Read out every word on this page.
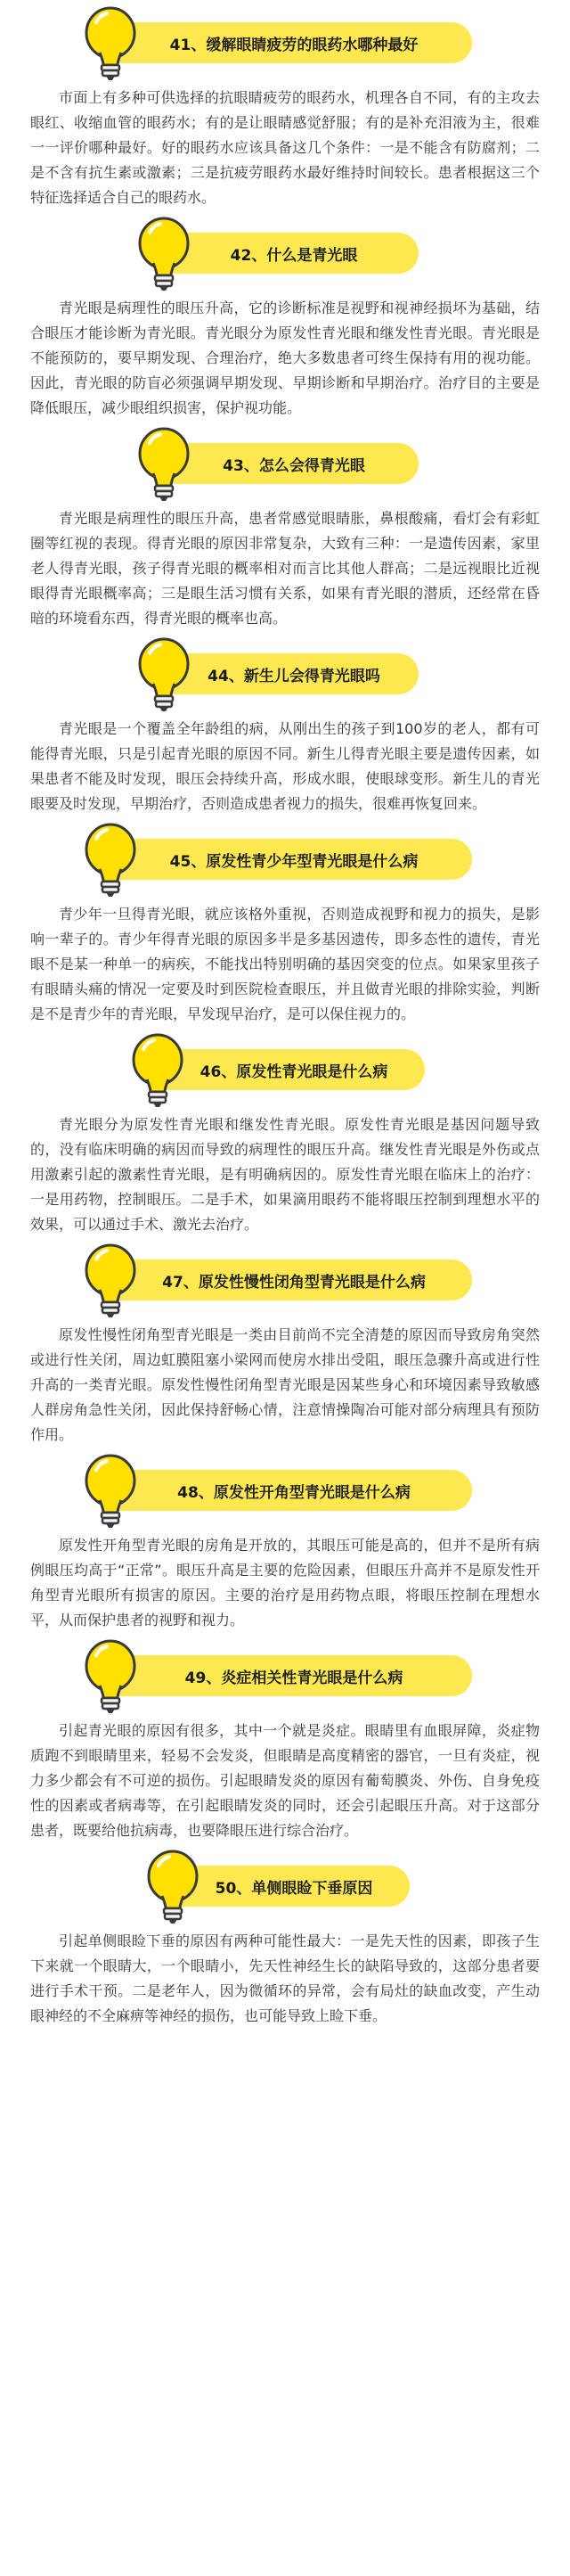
41、缓解眼睛疲劳的眼药水哪种最好

市面上有多种可供选择的抗眼睛疲劳的眼药水，机理各自不同，有的主攻去眼红、收缩血管的眼药水；有的是让眼睛感觉舒服；有的是补充泪液为主，很难一一评价哪种最好。好的眼药水应该具备这几个条件：一是不能含有防腐剂；二是不含有抗生素或激素；三是抗疲劳眼药水最好维持时间较长。患者根据这三个特征选择适合自己的眼药水。

42、什么是青光眼

青光眼是病理性的眼压升高，它的诊断标准是视野和视神经损坏为基础，结合眼压才能诊断为青光眼。青光眼分为原发性青光眼和继发性青光眼。青光眼是不能预防的，要早期发现、合理治疗，绝大多数患者可终生保持有用的视功能。因此，青光眼的防盲必须强调早期发现、早期诊断和早期治疗。治疗目的主要是降低眼压，减少眼组织损害，保护视功能。

43、怎么会得青光眼

青光眼是病理性的眼压升高，患者常感觉眼睛胀，鼻根酸痛，看灯会有彩虹圈等红视的表现。得青光眼的原因非常复杂，大致有三种：一是遗传因素，家里老人得青光眼，孩子得青光眼的概率相对而言比其他人群高；二是远视眼比近视眼得青光眼概率高；三是眼生活习惯有关系，如果有青光眼的潜质，还经常在昏暗的环境看东西，得青光眼的概率也高。

44、新生儿会得青光眼吗

青光眼是一个覆盖全年龄组的病，从刚出生的孩子到100岁的老人，都有可能得青光眼，只是引起青光眼的原因不同。新生儿得青光眼主要是遗传因素，如果患者不能及时发现，眼压会持续升高，形成水眼，使眼球变形。新生儿的青光眼要及时发现，早期治疗，否则造成患者视力的损失，很难再恢复回来。

45、原发性青少年型青光眼是什么病

青少年一旦得青光眼，就应该格外重视，否则造成视野和视力的损失，是影响一辈子的。青少年得青光眼的原因多半是多基因遗传，即多态性的遗传，青光眼不是某一种单一的病疾，不能找出特别明确的基因突变的位点。如果家里孩子有眼睛头痛的情况一定要及时到医院检查眼压，并且做青光眼的排除实验，判断是不是青少年的青光眼，早发现早治疗，是可以保住视力的。

46、原发性青光眼是什么病

青光眼分为原发性青光眼和继发性青光眼。原发性青光眼是基因问题导致的，没有临床明确的病因而导致的病理性的眼压升高。继发性青光眼是外伤或点用激素引起的激素性青光眼，是有明确病因的。原发性青光眼在临床上的治疗：一是用药物，控制眼压。二是手术，如果滴用眼药不能将眼压控制到理想水平的效果，可以通过手术、激光去治疗。

47、原发性慢性闭角型青光眼是什么病

原发性慢性闭角型青光眼是一类由目前尚不完全清楚的原因而导致房角突然或进行性关闭，周边虹膜阻塞小梁网而使房水排出受阻，眼压急骤升高或进行性升高的一类青光眼。原发性慢性闭角型青光眼是因某些身心和环境因素导致敏感人群房角急性关闭，因此保持舒畅心情，注意情操陶冶可能对部分病理具有预防作用。

48、原发性开角型青光眼是什么病

原发性开角型青光眼的房角是开放的，其眼压可能是高的，但并不是所有病例眼压均高于“正常”。眼压升高是主要的危险因素，但眼压升高并不是原发性开角型青光眼所有损害的原因。主要的治疗是用药物点眼，将眼压控制在理想水平，从而保护患者的视野和视力。

49、炎症相关性青光眼是什么病

引起青光眼的原因有很多，其中一个就是炎症。眼睛里有血眼屏障，炎症物质跑不到眼睛里来，轻易不会发炎，但眼睛是高度精密的器官，一旦有炎症，视力多少都会有不可逆的损伤。引起眼睛发炎的原因有葡萄膜炎、外伤、自身免疫性的因素或者病毒等，在引起眼睛发炎的同时，还会引起眼压升高。对于这部分患者，既要给他抗病毒，也要降眼压进行综合治疗。

50、单侧眼睑下垂原因

引起单侧眼睑下垂的原因有两种可能性最大：一是先天性的因素，即孩子生下来就一个眼睛大，一个眼睛小，先天性神经生长的缺陷导致的，这部分患者要进行手术干预。二是老年人，因为微循环的异常，会有局灶的缺血改变，产生动眼神经的不全麻痹等神经的损伤，也可能导致上睑下垂。
